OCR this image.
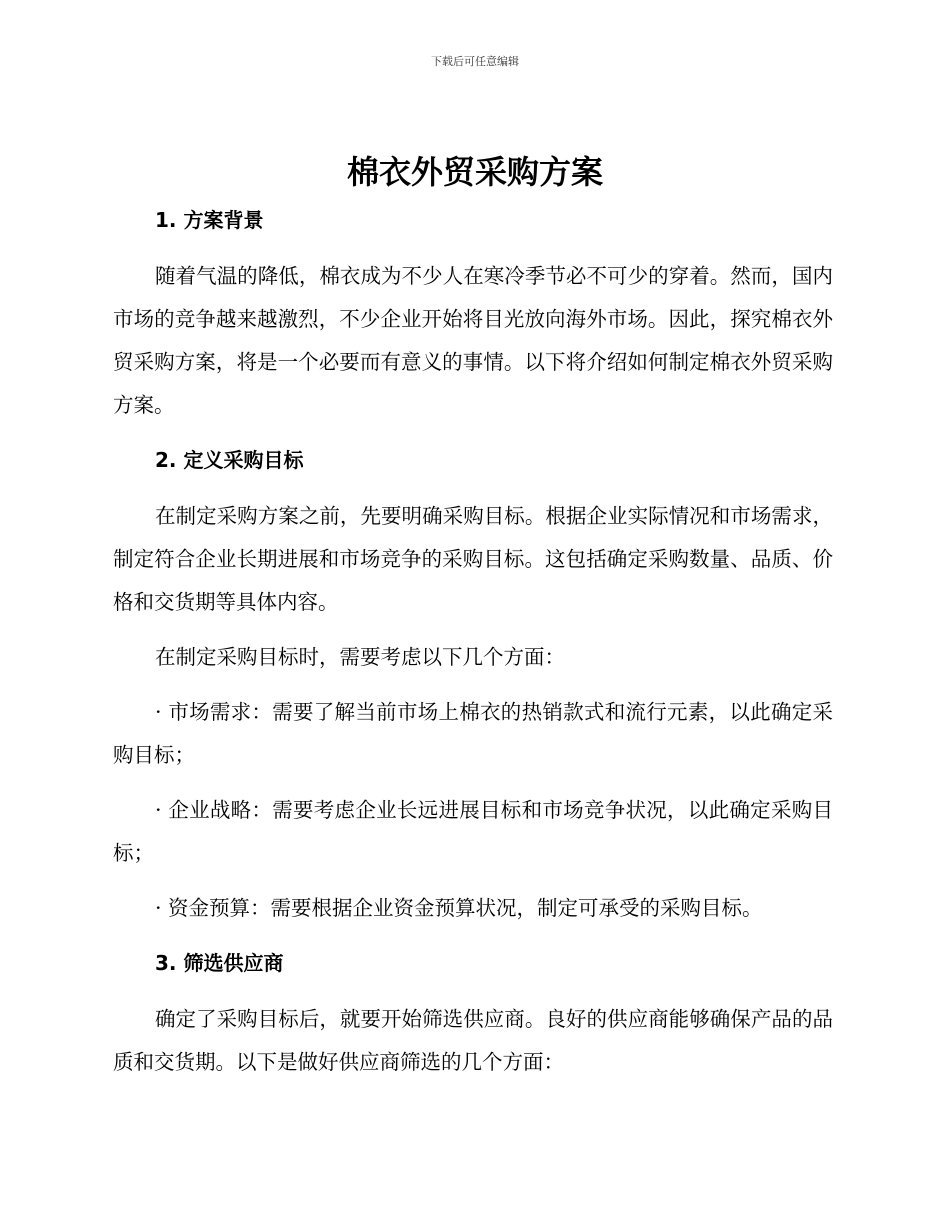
下载后可任意编辑
棉衣外贸采购方案
1. 方案背景

随着气温的降低，棉衣成为不少人在寒冷季节必不可少的穿着。然而，国内市场的竞争越来越激烈，不少企业开始将目光放向海外市场。因此，探究棉衣外贸采购方案，将是一个必要而有意义的事情。以下将介绍如何制定棉衣外贸采购方案。

2. 定义采购目标

在制定采购方案之前，先要明确采购目标。根据企业实际情况和市场需求，制定符合企业长期进展和市场竞争的采购目标。这包括确定采购数量、品质、价格和交货期等具体内容。

在制定采购目标时，需要考虑以下几个方面：

· 市场需求：需要了解当前市场上棉衣的热销款式和流行元素，以此确定采购目标；

· 企业战略：需要考虑企业长远进展目标和市场竞争状况，以此确定采购目标；

· 资金预算：需要根据企业资金预算状况，制定可承受的采购目标。

3. 筛选供应商

确定了采购目标后，就要开始筛选供应商。良好的供应商能够确保产品的品质和交货期。以下是做好供应商筛选的几个方面：
